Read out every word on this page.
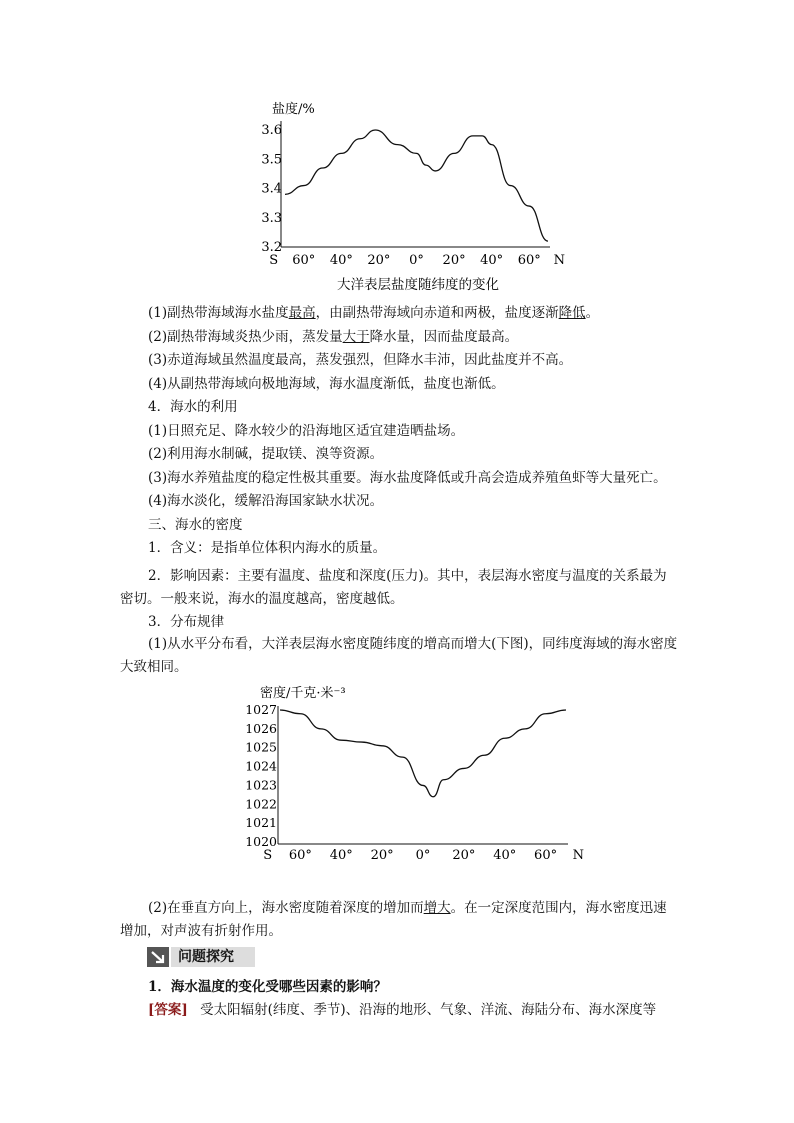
盐度/%
3.6
3.5
3.4
3.3
3.2
S 60° 40° 20° 0° 20° 40° 60° N
大洋表层盐度随纬度的变化
(1)副热带海域海水盐度最高，由副热带海域向赤道和两极，盐度逐渐降低。
(2)副热带海域炎热少雨，蒸发量大于降水量，因而盐度最高。
(3)赤道海域虽然温度最高，蒸发强烈，但降水丰沛，因此盐度并不高。
(4)从副热带海域向极地海域，海水温度渐低，盐度也渐低。
4．海水的利用
(1)日照充足、降水较少的沿海地区适宜建造晒盐场。
(2)利用海水制碱，提取镁、溴等资源。
(3)海水养殖盐度的稳定性极其重要。海水盐度降低或升高会造成养殖鱼虾等大量死亡。
(4)海水淡化，缓解沿海国家缺水状况。
三、海水的密度
1．含义：是指单位体积内海水的质量。
2．影响因素：主要有温度、盐度和深度(压力)。其中，表层海水密度与温度的关系最为密切。一般来说，海水的温度越高，密度越低。
3．分布规律
(1)从水平分布看，大洋表层海水密度随纬度的增高而增大(下图)，同纬度海域的海水密度大致相同。
密度/千克·米⁻³
1027
1026
1025
1024
1023
1022
1021
1020
S 60° 40° 20° 0° 20° 40° 60° N
(2)在垂直方向上，海水密度随着深度的增加而增大。在一定深度范围内，海水密度迅速增加，对声波有折射作用。
问题探究
1．海水温度的变化受哪些因素的影响？
[答案] 受太阳辐射(纬度、季节)、沿海的地形、气象、洋流、海陆分布、海水深度等
